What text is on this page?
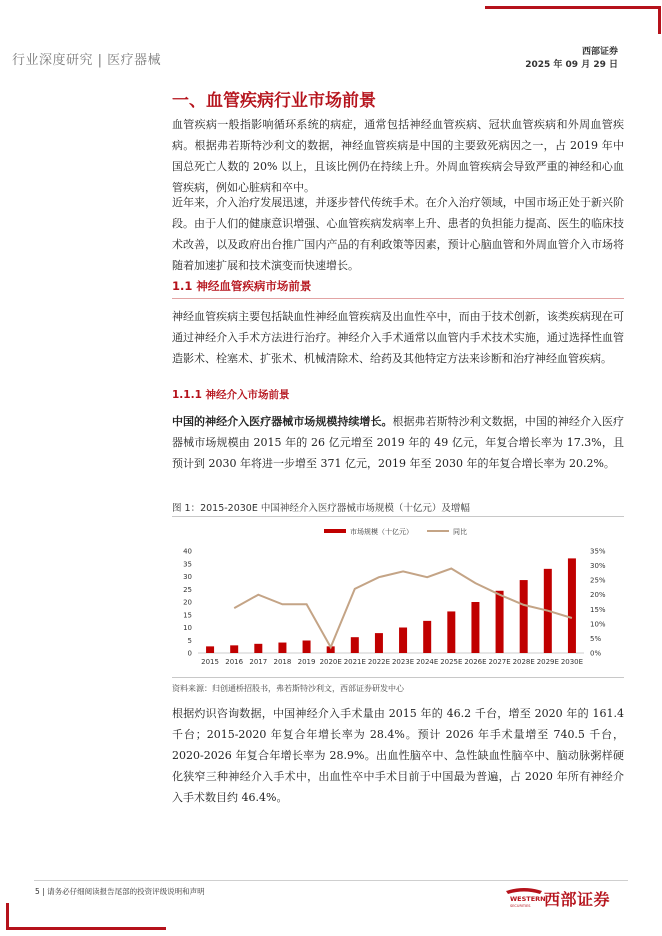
行业深度研究 | 医疗器械
西部证券
2025 年 09 月 29 日
一、血管疾病行业市场前景
血管疾病一般指影响循环系统的病症，通常包括神经血管疾病、冠状血管疾病和外周血管疾病。根据弗若斯特沙利文的数据，神经血管疾病是中国的主要致死病因之一，占 2019 年中国总死亡人数的 20% 以上，且该比例仍在持续上升。外周血管疾病会导致严重的神经和心血管疾病，例如心脏病和卒中。
近年来，介入治疗发展迅速，并逐步替代传统手术。在介入治疗领域，中国市场正处于新兴阶段。由于人们的健康意识增强、心血管疾病发病率上升、患者的负担能力提高、医生的临床技术改善，以及政府出台推广国内产品的有利政策等因素，预计心脑血管和外周血管介入市场将随着加速扩展和技术演变而快速增长。
1.1 神经血管疾病市场前景
神经血管疾病主要包括缺血性神经血管疾病及出血性卒中，而由于技术创新，该类疾病现在可通过神经介入手术方法进行治疗。神经介入手术通常以血管内手术技术实施，通过选择性血管造影术、栓塞术、扩张术、机械清除术、给药及其他特定方法来诊断和治疗神经血管疾病。
1.1.1 神经介入市场前景
中国的神经介入医疗器械市场规模持续增长。根据弗若斯特沙利文数据，中国的神经介入医疗器械市场规模由 2015 年的 26 亿元增至 2019 年的 49 亿元，年复合增长率为 17.3%，且预计到 2030 年将进一步增至 371 亿元，2019 年至 2030 年的年复合增长率为 20.2%。
图 1：2015-2030E 中国神经介入医疗器械市场规模（十亿元）及增幅
市场规模（十亿元）	同比
0
5
10
15
20
25
30
35
40
0%
5%
10%
15%
20%
25%
30%
35%
2015 2016 2017 2018 2019 2020E 2021E 2022E 2023E 2024E 2025E 2026E 2027E 2028E 2029E 2030E
资料来源：归创通桥招股书，弗若斯特沙利文，西部证券研发中心
根据灼识咨询数据，中国神经介入手术量由 2015 年的 46.2 千台，增至 2020 年的 161.4 千台；2015-2020 年复合年增长率为 28.4%。预计 2026 年手术量增至 740.5 千台，2020-2026 年复合年增长率为 28.9%。出血性脑卒中、急性缺血性脑卒中、脑动脉粥样硬化狭窄三种神经介入手术中，出血性卒中手术目前于中国最为普遍，占 2020 年所有神经介入手术数目约 46.4%。
5 | 请务必仔细阅读报告尾部的投资评级说明和声明
WESTERN
SECURITIES 西部证券
